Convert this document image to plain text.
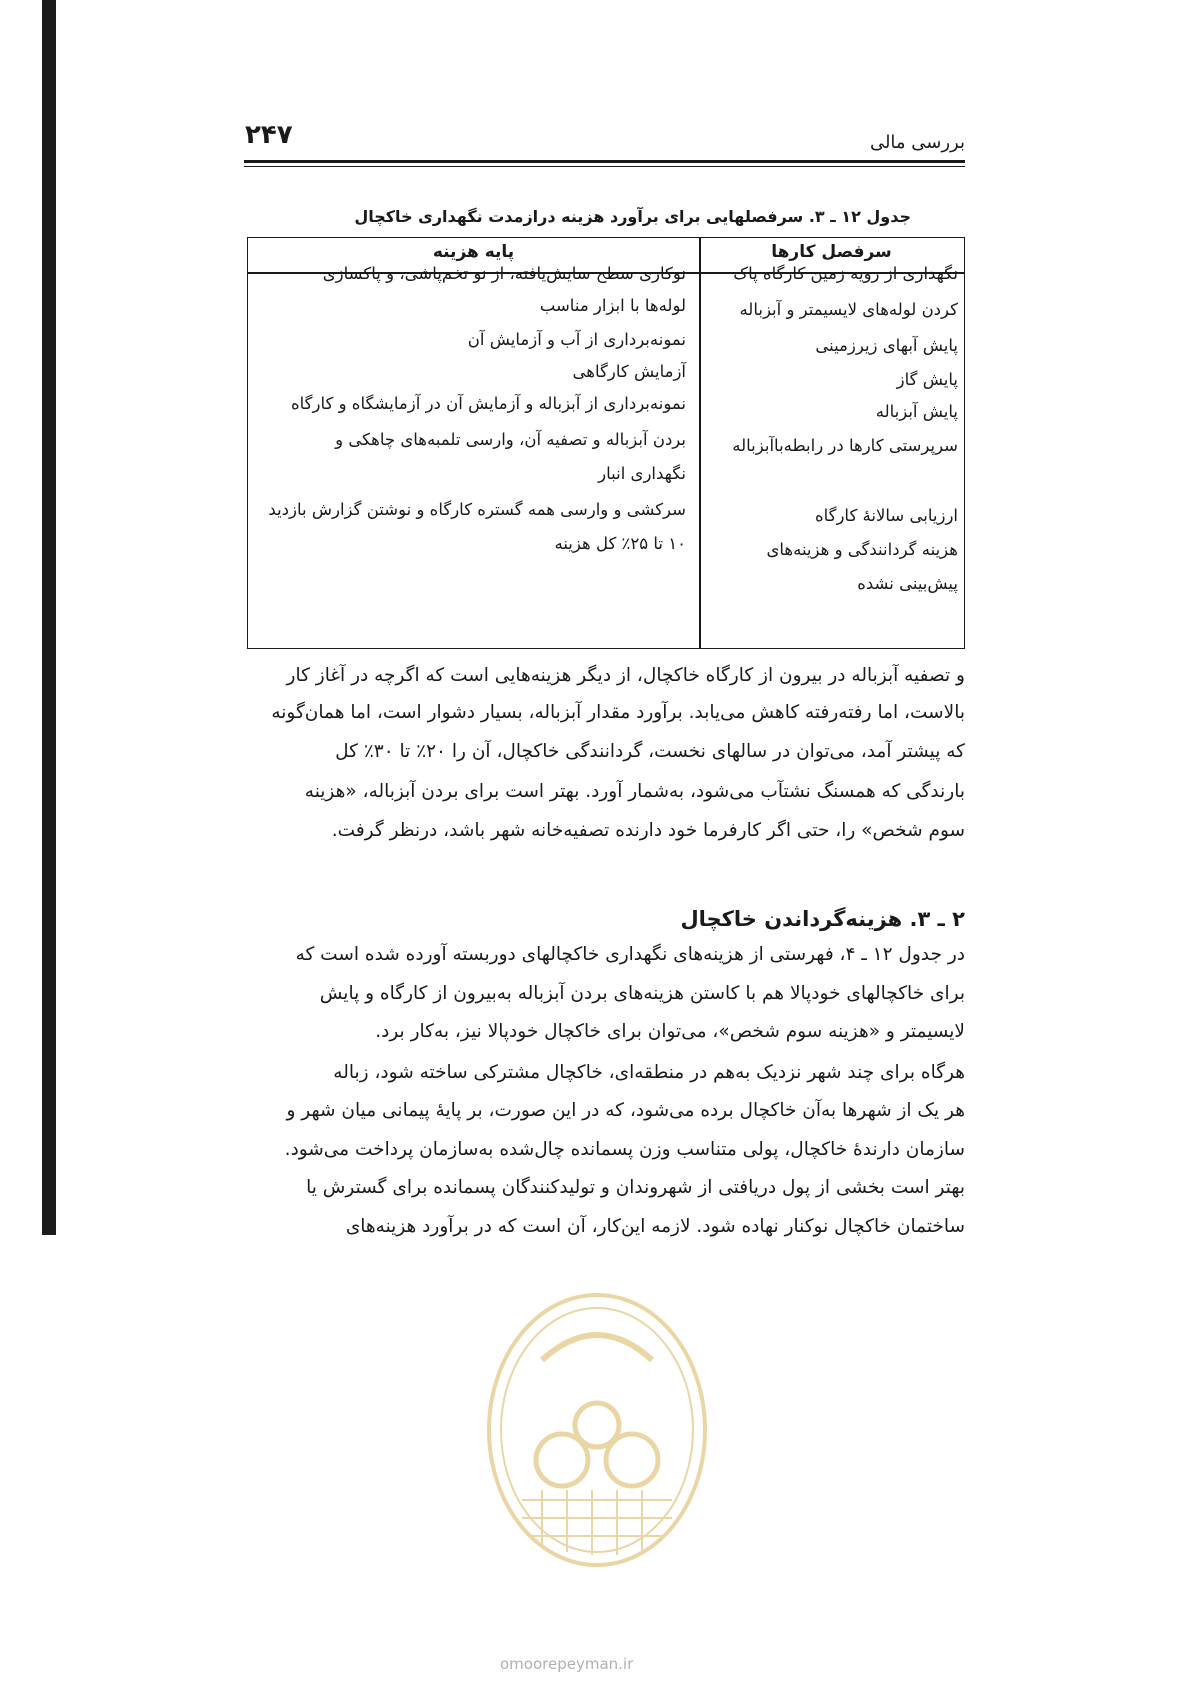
۲۴۷	بررسی مالی
جدول ۱۲ ـ ۳. سرفصلهایی برای برآورد هزینه درازمدت نگهداری خاکچال
سرفصل کارها
پایه هزینه
نگهداری از رویه زمین کارگاه پاک
کردن لوله‌های لایسیمتر و آبزباله
پایش آبهای زیرزمینی
پایش گاز
پایش آبزباله
سرپرستی کارها در رابطه‌باآبزباله
ارزیابی سالانهٔ کارگاه
هزینه گردانندگی و هزینه‌های
پیش‌بینی نشده
نوکاری سطح سایش‌یافته، از نو تخم‌پاشی، و پاکسازی
لوله‌ها با ابزار مناسب
نمونه‌برداری از آب و آزمایش آن
آزمایش کارگاهی
نمونه‌برداری از آبزباله و آزمایش آن در آزمایشگاه و کارگاه
بردن آبزباله و تصفیه آن، وارسی تلمبه‌های چاهکی و
نگهداری انبار
سرکشی و وارسی همه گستره کارگاه و نوشتن گزارش بازدید
۱۰ تا ۲۵٪ کل هزینه
و تصفیه آبزباله در بیرون از کارگاه خاکچال، از دیگر هزینه‌هایی است که اگرچه در آغاز کار
بالاست، اما رفته‌رفته کاهش می‌یابد. برآورد مقدار آبزباله، بسیار دشوار است، اما همان‌گونه
که پیشتر آمد، می‌توان در سالهای نخست، گردانندگی خاکچال، آن را ۲۰٪ تا ۳۰٪ کل
بارندگی که همسنگ نشتآب می‌شود، به‌شمار آورد. بهتر است برای بردن آبزباله، «هزینه
سوم شخص» را، حتی اگر کارفرما خود دارنده تصفیه‌خانه شهر باشد، درنظر گرفت.
۲ ـ ۳. هزینه‌گرداندن خاکچال
در جدول ۱۲ ـ ۴، فهرستی از هزینه‌های نگهداری خاکچالهای دوربسته آورده شده است که
برای خاکچالهای خودپالا هم با کاستن هزینه‌های بردن آبزباله به‌بیرون از کارگاه و پایش
لایسیمتر و «هزینه سوم شخص»، می‌توان برای خاکچال خودپالا نیز، به‌کار برد.
هرگاه برای چند شهر نزدیک به‌هم در منطقه‌ای، خاکچال مشترکی ساخته شود، زباله
هر یک از شهرها به‌آن خاکچال برده می‌شود، که در این صورت، بر پایهٔ پیمانی میان شهر و
سازمان دارندهٔ خاکچال، پولی متناسب وزن پسمانده چال‌شده به‌سازمان پرداخت می‌شود.
بهتر است بخشی از پول دریافتی از شهروندان و تولیدکنندگان پسمانده برای گسترش یا
ساختمان خاکچال نوکنار نهاده شود. لازمه این‌کار، آن است که در برآورد هزینه‌های
omoorepeyman.ir
